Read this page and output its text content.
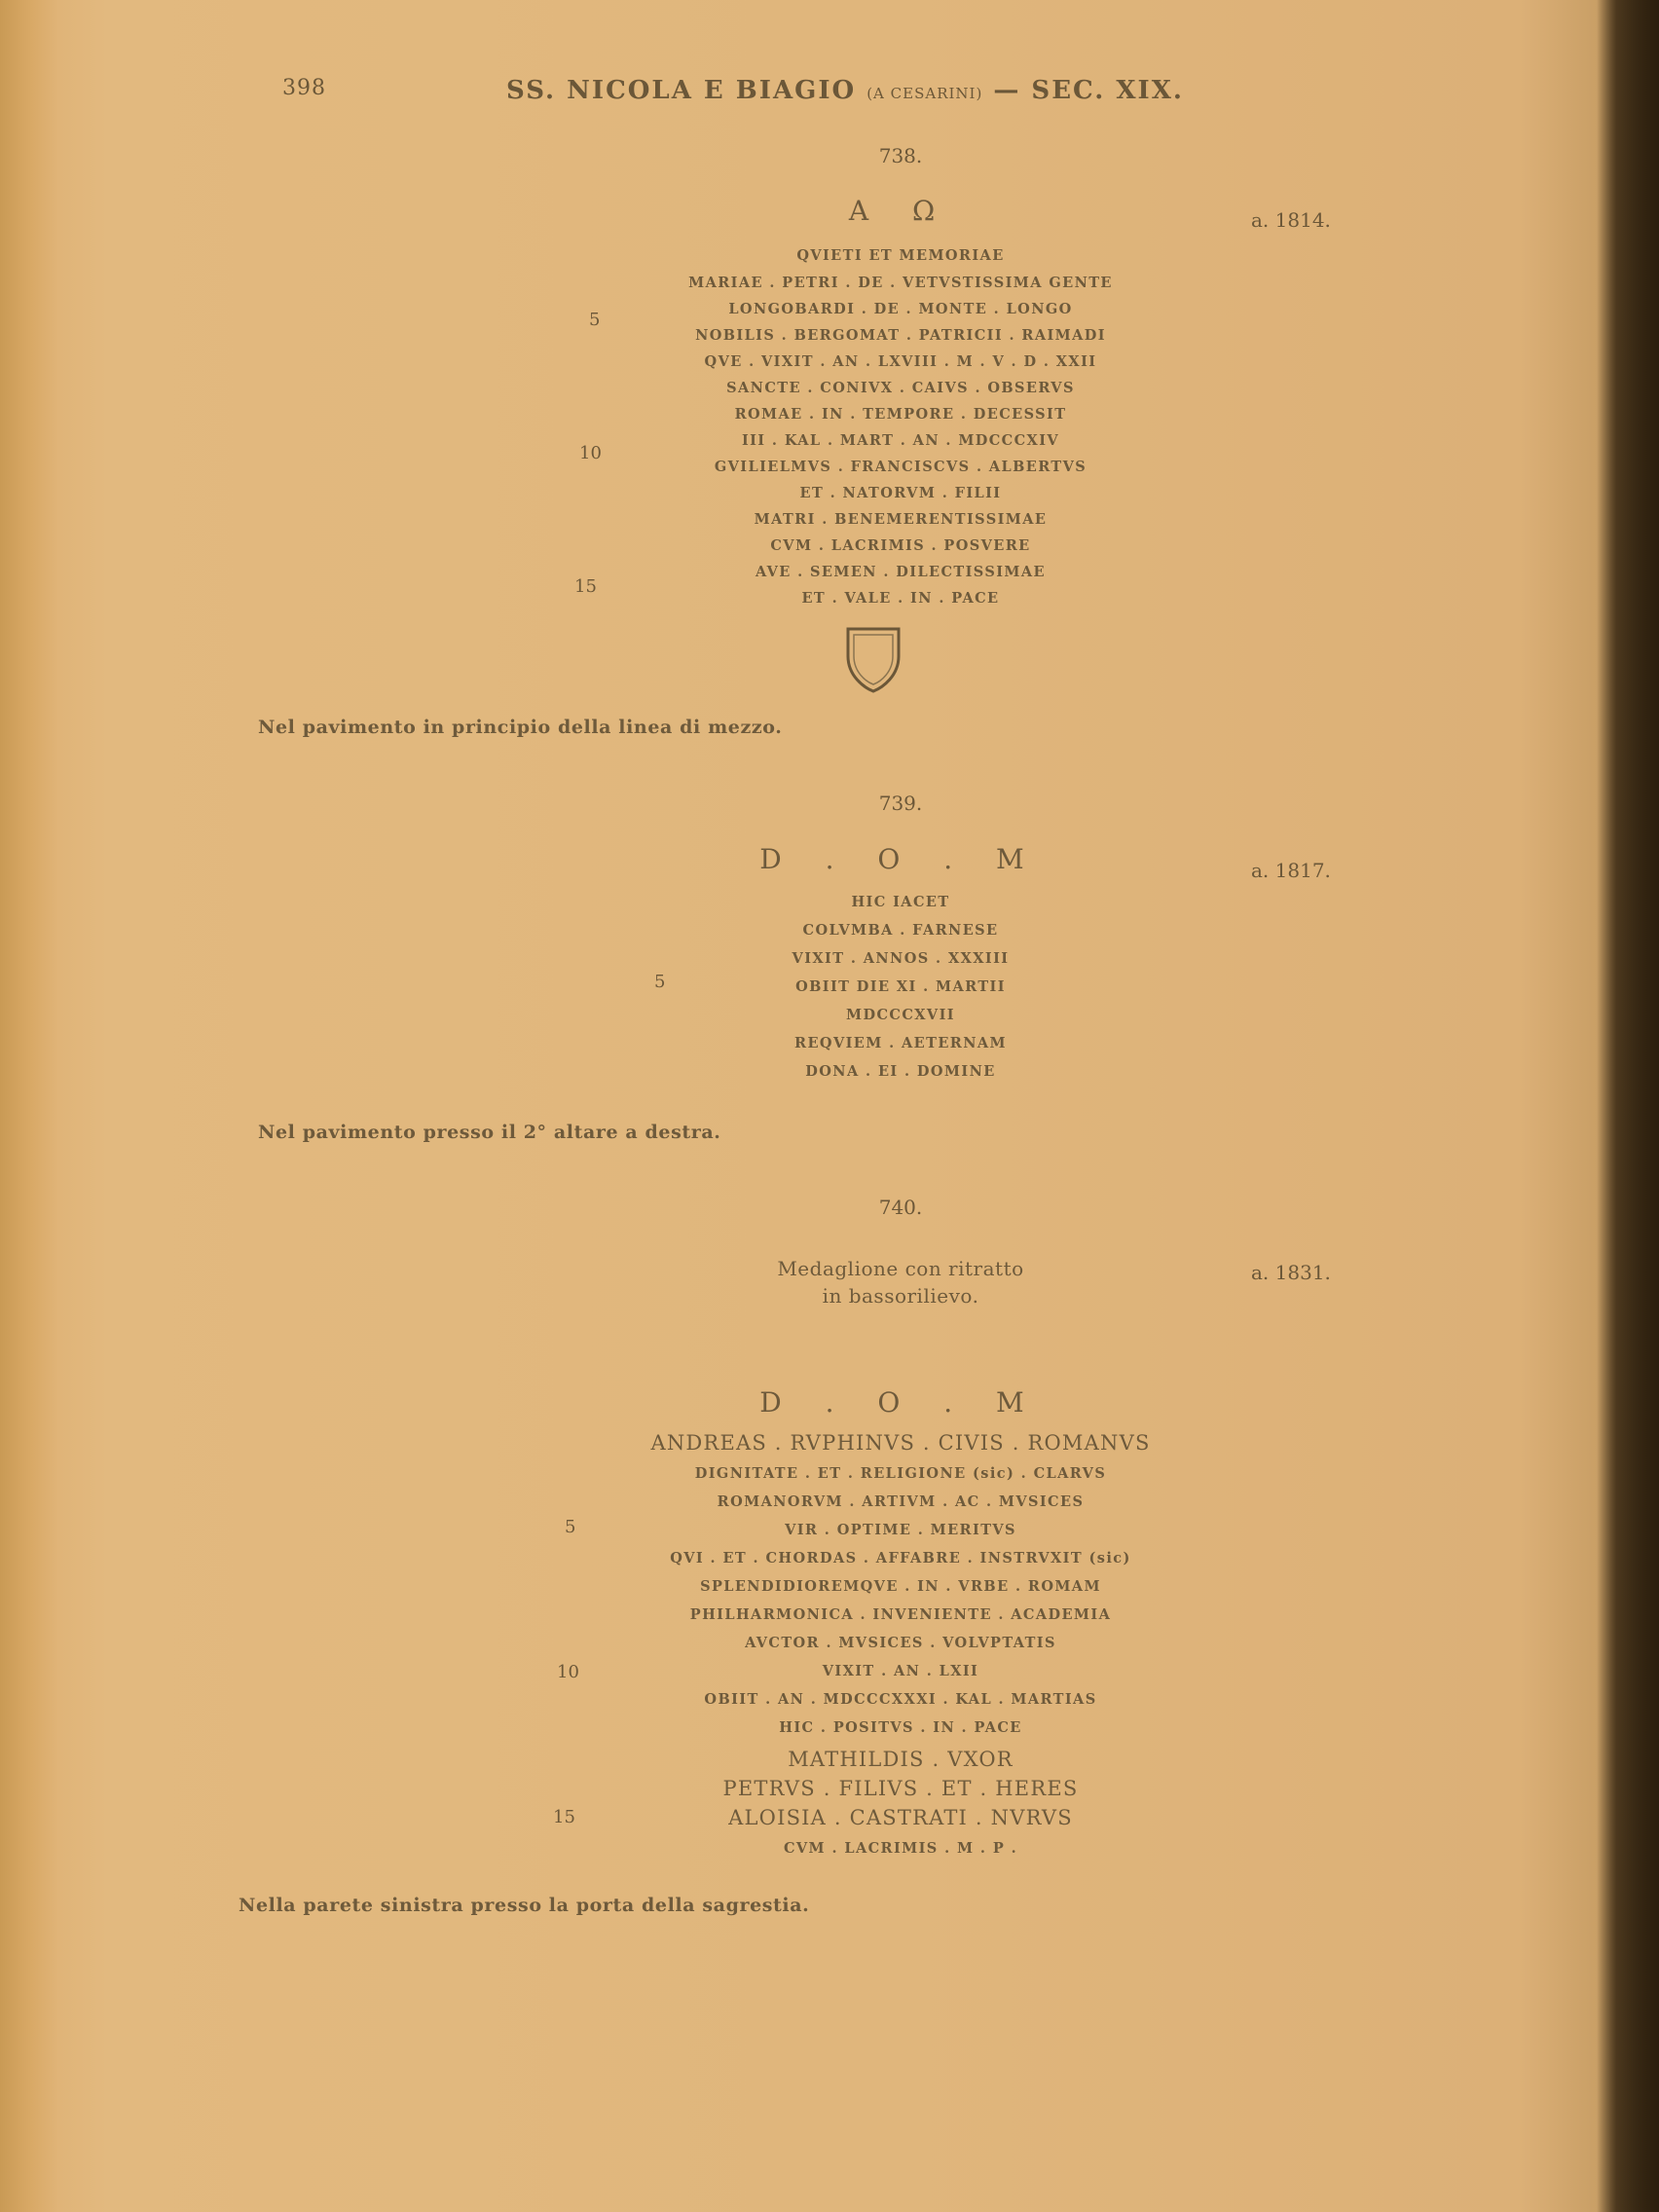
398	SS. NICOLA E BIAGIO (A CESARINI) — SEC. XIX.
738.
a. 1814.
A Ω
QVIETI ET MEMORIAE
MARIAE . PETRI . DE . VETVSTISSIMA GENTE
LONGOBARDI . DE . MONTE . LONGO
NOBILIS . BERGOMAT . PATRICII . RAIMADI
QVE . VIXIT . AN . LXVIII . M . V . D . XXII
SANCTE . CONIVX . CAIVS . OBSERVS
ROMAE . IN . TEMPORE . DECESSIT
III . KAL . MART . AN . MDCCCXIV
GVILIELMVS . FRANCISCVS . ALBERTVS
ET . NATORVM . FILII
MATRI . BENEMERENTISSIMAE
CVM . LACRIMIS . POSVERE
AVE . SEMEN . DILECTISSIMAE
ET . VALE . IN . PACE
5
10
15
Nel pavimento in principio della linea di mezzo.
739.
a. 1817.
D . O . M
HIC IACET
COLVMBA . FARNESE
VIXIT . ANNOS . XXXIII
OBIIT DIE XI . MARTII
MDCCCXVII
REQVIEM . AETERNAM
DONA . EI . DOMINE
5
Nel pavimento presso il 2° altare a destra.
740.
a. 1831.
Medaglione con ritratto
in bassorilievo.
D . O . M
ANDREAS . RVPHINVS . CIVIS . ROMANVS
DIGNITATE . ET . RELIGIONE (sic) . CLARVS
ROMANORVM . ARTIVM . AC . MVSICES
VIR . OPTIME . MERITVS
QVI . ET . CHORDAS . AFFABRE . INSTRVXIT (sic)
SPLENDIDIOREMQVE . IN . VRBE . ROMAM
PHILHARMONICA . INVENIENTE . ACADEMIA
AVCTOR . MVSICES . VOLVPTATIS
VIXIT . AN . LXII
OBIIT . AN . MDCCCXXXI . KAL . MARTIAS
HIC . POSITVS . IN . PACE
MATHILDIS . VXOR
PETRVS . FILIVS . ET . HERES
ALOISIA . CASTRATI . NVRVS
CVM . LACRIMIS . M . P .
5
10
15
Nella parete sinistra presso la porta della sagrestia.
